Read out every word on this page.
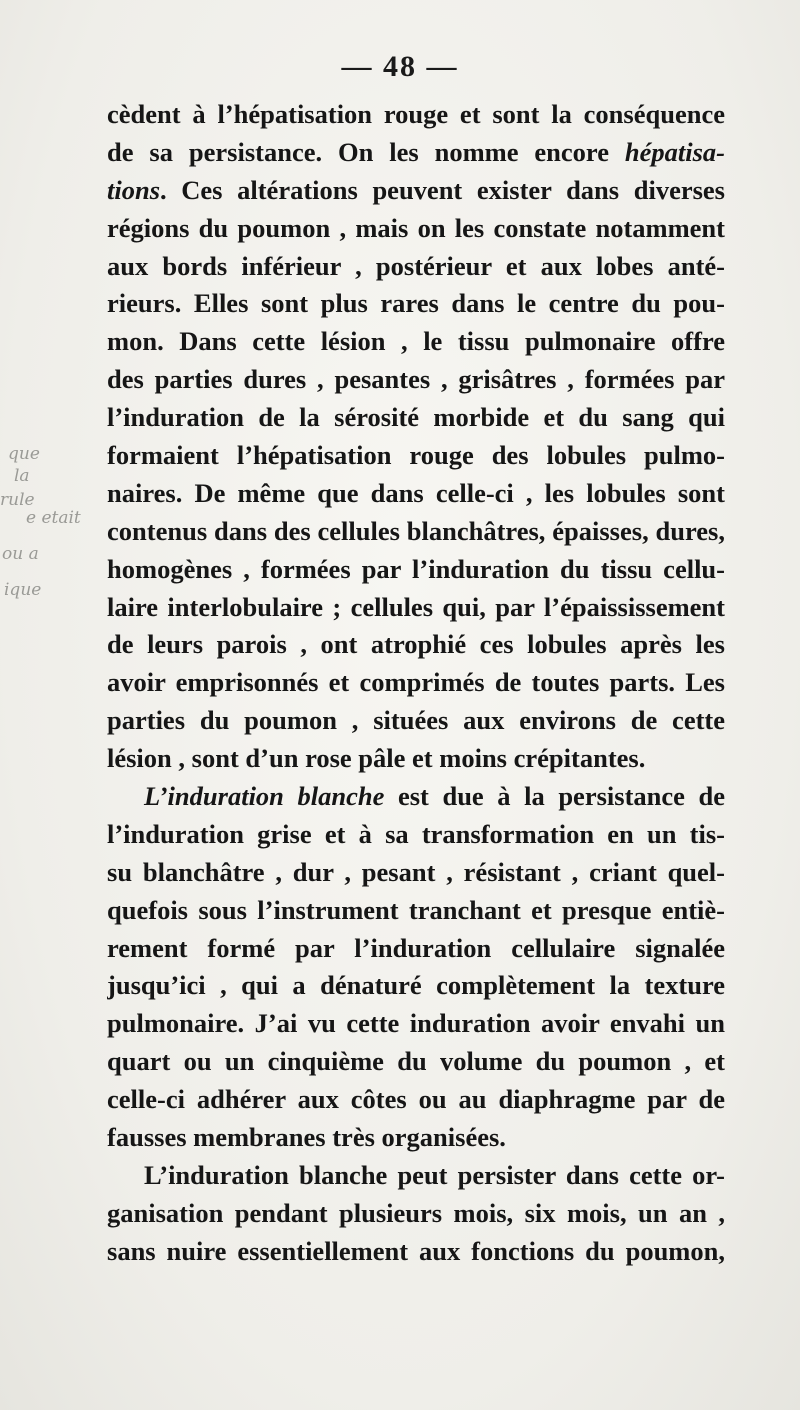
— 48 —
que
la
rule
e etait
ou a
ique
cèdent à l’hépatisation rouge et sont la conséquence
de sa persistance. On les nomme encore hépatisa-
tions. Ces altérations peuvent exister dans diverses
régions du poumon , mais on les constate notamment
aux bords inférieur , postérieur et aux lobes anté-
rieurs. Elles sont plus rares dans le centre du pou-
mon. Dans cette lésion , le tissu pulmonaire offre
des parties dures , pesantes , grisâtres , formées par
l’induration de la sérosité morbide et du sang qui
formaient l’hépatisation rouge des lobules pulmo-
naires. De même que dans celle-ci , les lobules sont
contenus dans des cellules blanchâtres, épaisses, dures,
homogènes , formées par l’induration du tissu cellu-
laire interlobulaire ; cellules qui, par l’épaississement
de leurs parois , ont atrophié ces lobules après les
avoir emprisonnés et comprimés de toutes parts. Les
parties du poumon , situées aux environs de cette
lésion , sont d’un rose pâle et moins crépitantes.
L’induration blanche est due à la persistance de
l’induration grise et à sa transformation en un tis-
su blanchâtre , dur , pesant , résistant , criant quel-
quefois sous l’instrument tranchant et presque entiè-
rement formé par l’induration cellulaire signalée
jusqu’ici , qui a dénaturé complètement la texture
pulmonaire. J’ai vu cette induration avoir envahi un
quart ou un cinquième du volume du poumon , et
celle-ci adhérer aux côtes ou au diaphragme par de
fausses membranes très organisées.
L’induration blanche peut persister dans cette or-
ganisation pendant plusieurs mois, six mois, un an ,
sans nuire essentiellement aux fonctions du poumon,
